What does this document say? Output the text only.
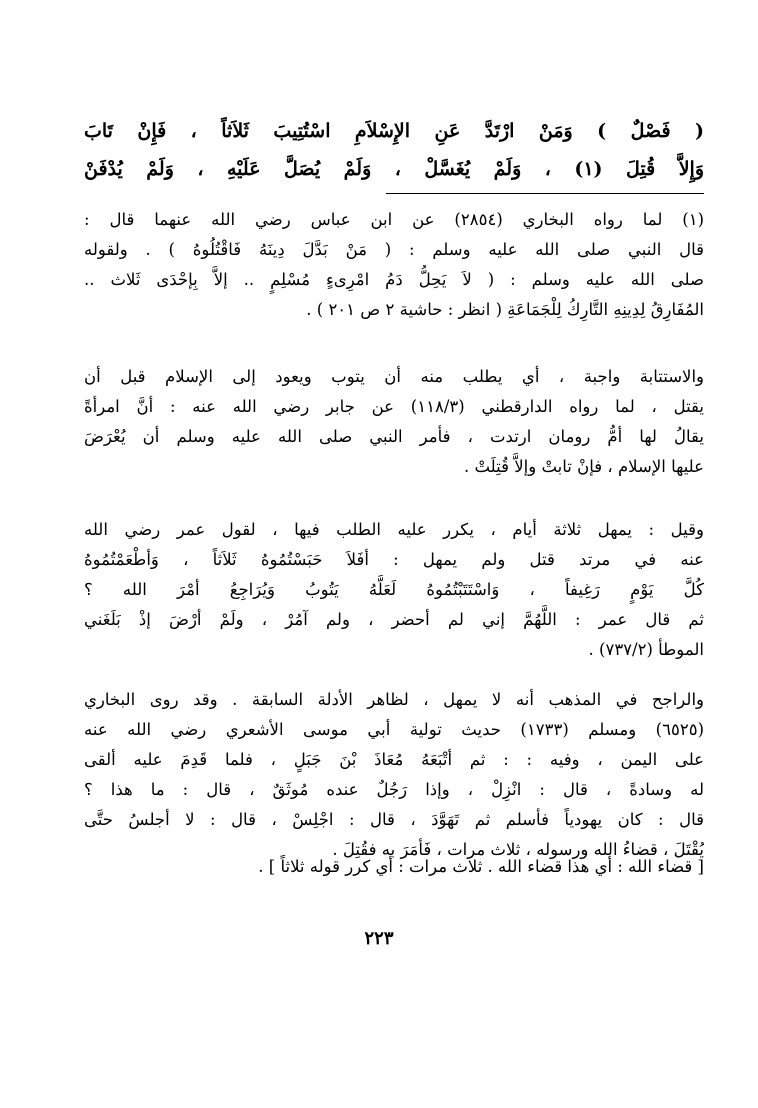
( فَصْلٌ ) وَمَنْ ارْتَدَّ عَنِ الإِسْلاَمِ اسْتُتِيبَ ثَلاَثاً ، فَإِنْ تَابَ
وَإِلاَّ قُتِلَ (١) ، وَلَمْ يُغَسَّلْ ، وَلَمْ يُصَلَّ عَلَيْهِ ، وَلَمْ يُدْفَنْ
(١) لما رواه البخاري (٢٨٥٤) عن ابن عباس رضي الله عنهما قال :
قال النبي صلى الله عليه وسلم : ( مَنْ بَدَّلَ دِينَهُ فَاقْتُلُوهُ ) . ولقوله
صلى الله عليه وسلم : ( لاَ يَحِلُّ دَمُ امْرِىءٍ مُسْلِمٍ .. إلاَّ بِإحْدَى ثَلاث ..
المُفَارِقُ لِدِينِهِ التَّارِكُ لِلْجَمَاعَةِ ( انظر : حاشية ٢ ص ٢٠١ ) .
والاستتابة واجبة ، أي يطلب منه أن يتوب ويعود إلى الإسلام قبل أن
يقتل ، لما رواه الدارقطني (١١٨/٣) عن جابر رضي الله عنه : أنَّ امرأةً
يقالُ لها أمُّ رومان ارتدت ، فأمر النبي صلى الله عليه وسلم أن يُعْرَضَ
عليها الإسلام ، فإنْ تابتْ وإلاَّ قُتِلَتْ .
وقيل : يمهل ثلاثة أيام ، يكرر عليه الطلب فيها ، لقول عمر رضي الله
عنه في مرتد قتل ولم يمهل : أفَلاَ حَبَسْتُمُوهُ ثَلاَثاً ، وَأطْعَمْتُمُوهُ
كُلَّ يَوْمٍ رَغِيفاً ، وَاسْتَتَبْتُمُوهُ لَعَلَّهُ يَتُوبُ وَيُرَاجِعُ أمْرَ الله ؟
ثم قال عمر : اللَّهُمَّ إني لم أحضر ، ولم آمُرْ ، ولَمْ أرْضَ إذْ بَلَغَني
الموطأ (٧٣٧/٢) .
والراجح في المذهب أنه لا يمهل ، لظاهر الأدلة السابقة . وقد روى البخاري
(٦٥٢٥) ومسلم (١٧٣٣) حديث تولية أبي موسى الأشعري رضي الله عنه
على اليمن ، وفيه : : ثم أتْبَعَهُ مُعَاذَ بْنَ جَبَلٍ ، فلما قَدِمَ عليه ألقى
له وسادةً ، قال : انْزِلْ ، وإذا رَجُلٌ عنده مُوثَقٌ ، قال : ما هذا ؟
قال : كان يهودياً فأسلم ثم تَهَوَّدَ ، قال : اجْلِسْ ، قال : لا أجلسُ حتَّى
يُقْتَلَ ، قضاءُ الله ورسوله ، ثلاث مرات ، فَأمَرَ به فقُتِلَ .
[ قضاء الله : أي هذا قضاء الله . ثلاث مرات : أي كرر قوله ثلاثاً ] .
٢٢٣
